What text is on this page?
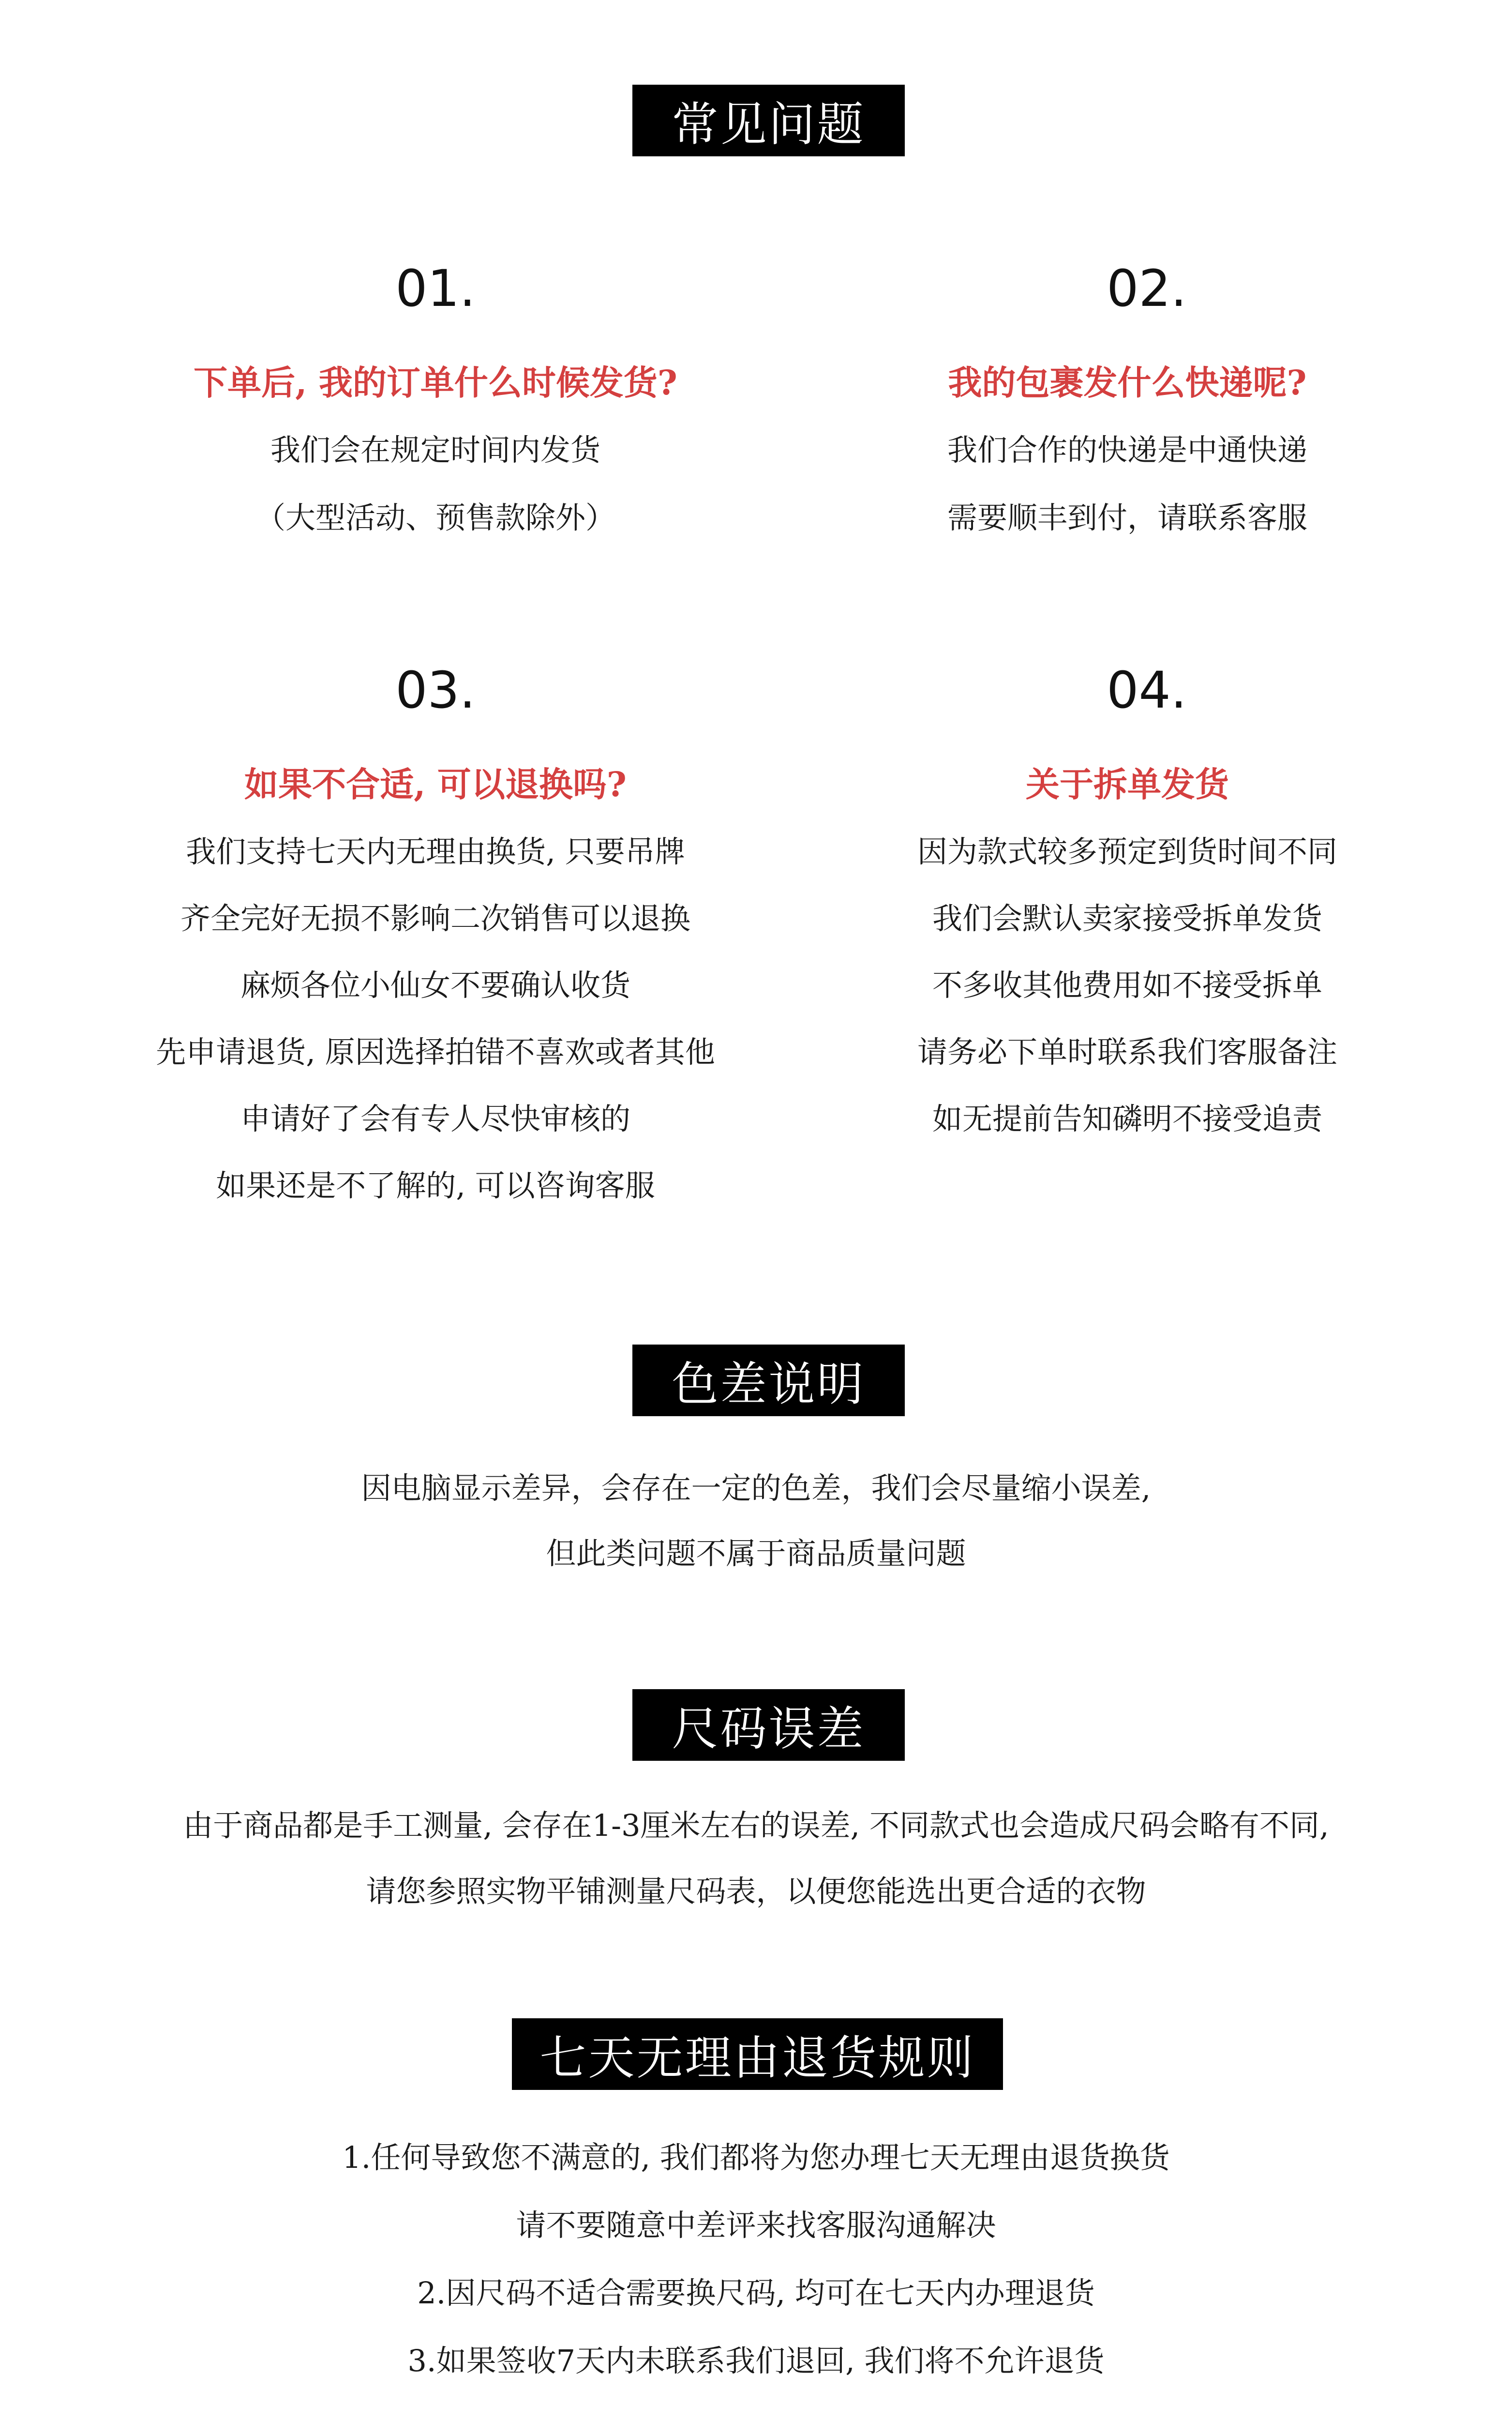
常见问题
01.
下单后, 我的订单什么时候发货?
我们会在规定时间内发货
（大型活动、预售款除外）
02.
我的包裹发什么快递呢?
我们合作的快递是中通快递
需要顺丰到付，请联系客服
03.
如果不合适, 可以退换吗?
我们支持七天内无理由换货, 只要吊牌
齐全完好无损不影响二次销售可以退换
麻烦各位小仙女不要确认收货
先申请退货, 原因选择拍错不喜欢或者其他
申请好了会有专人尽快审核的
如果还是不了解的, 可以咨询客服
04.
关于拆单发货
因为款式较多预定到货时间不同
我们会默认卖家接受拆单发货
不多收其他费用如不接受拆单
请务必下单时联系我们客服备注
如无提前告知磷明不接受追责
色差说明
因电脑显示差异，会存在一定的色差，我们会尽量缩小误差,
但此类问题不属于商品质量问题
尺码误差
由于商品都是手工测量, 会存在1-3厘米左右的误差, 不同款式也会造成尺码会略有不同,
请您参照实物平铺测量尺码表，以便您能选出更合适的衣物
七天无理由退货规则
1.任何导致您不满意的, 我们都将为您办理七天无理由退货换货
请不要随意中差评来找客服沟通解决
2.因尺码不适合需要换尺码, 均可在七天内办理退货
3.如果签收7天内未联系我们退回, 我们将不允许退货
